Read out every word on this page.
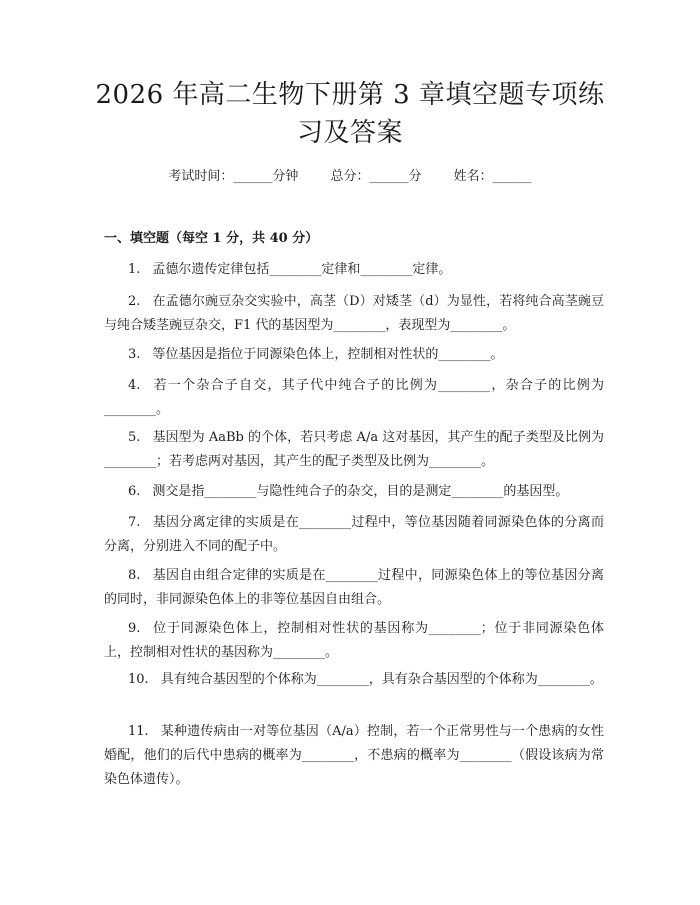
2026 年高二生物下册第 3 章填空题专项练习及答案
考试时间：______分钟 总分：______分 姓名：______
一、填空题（每空 1 分，共 40 分）

1. 孟德尔遗传定律包括________定律和________定律。

2. 在孟德尔豌豆杂交实验中，高茎（D）对矮茎（d）为显性，若将纯合高茎豌豆与纯合矮茎豌豆杂交，F1 代的基因型为________，表现型为________。

3. 等位基因是指位于同源染色体上，控制相对性状的________。

4. 若一个杂合子自交，其子代中纯合子的比例为________，杂合子的比例为________。

5. 基因型为 AaBb 的个体，若只考虑 A/a 这对基因，其产生的配子类型及比例为________；若考虑两对基因，其产生的配子类型及比例为________。

6. 测交是指________与隐性纯合子的杂交，目的是测定________的基因型。

7. 基因分离定律的实质是在________过程中，等位基因随着同源染色体的分离而分离，分别进入不同的配子中。

8. 基因自由组合定律的实质是在________过程中，同源染色体上的等位基因分离的同时，非同源染色体上的非等位基因自由组合。

9. 位于同源染色体上，控制相对性状的基因称为________；位于非同源染色体上，控制相对性状的基因称为________。

10. 具有纯合基因型的个体称为________，具有杂合基因型的个体称为________。

11. 某种遗传病由一对等位基因（A/a）控制，若一个正常男性与一个患病的女性婚配，他们的后代中患病的概率为________，不患病的概率为________（假设该病为常染色体遗传）。
